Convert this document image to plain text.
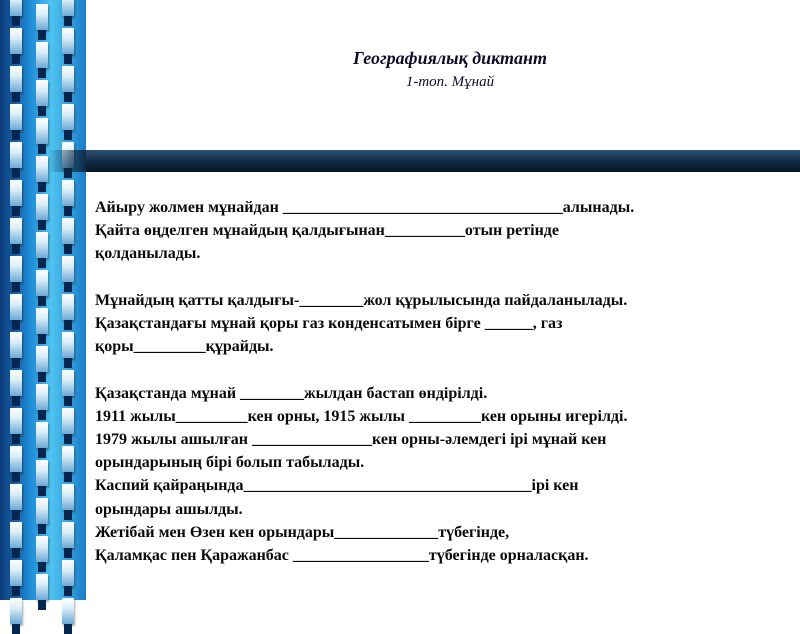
Географиялық диктант
1-топ. Мұнай

Айыру жолмен мұнайдан ___________________________________алынады.

Қайта өңделген мұнайдың қалдығынан__________отын ретінде

қолданылады.

Мұнайдың қатты қалдығы-________жол құрылысында пайдаланылады.

Қазақстандағы мұнай қоры газ конденсатымен бірге ______, газ

қоры_________құрайды.

Қазақстанда мұнай ________жылдан бастап өндірілді.

1911 жылы_________кен орны, 1915 жылы _________кен орыны игерілді.

1979 жылы ашылған _______________кен орны-әлемдегі ірі мұнай кен

орындарының бірі болып табылады.

Каспий қайраңында____________________________________ірі кен

орындары ашылды.

Жетібай мен Өзен кен орындары_____________түбегінде,

Қаламқас пен Қаражанбас _________________түбегінде орналасқан.
